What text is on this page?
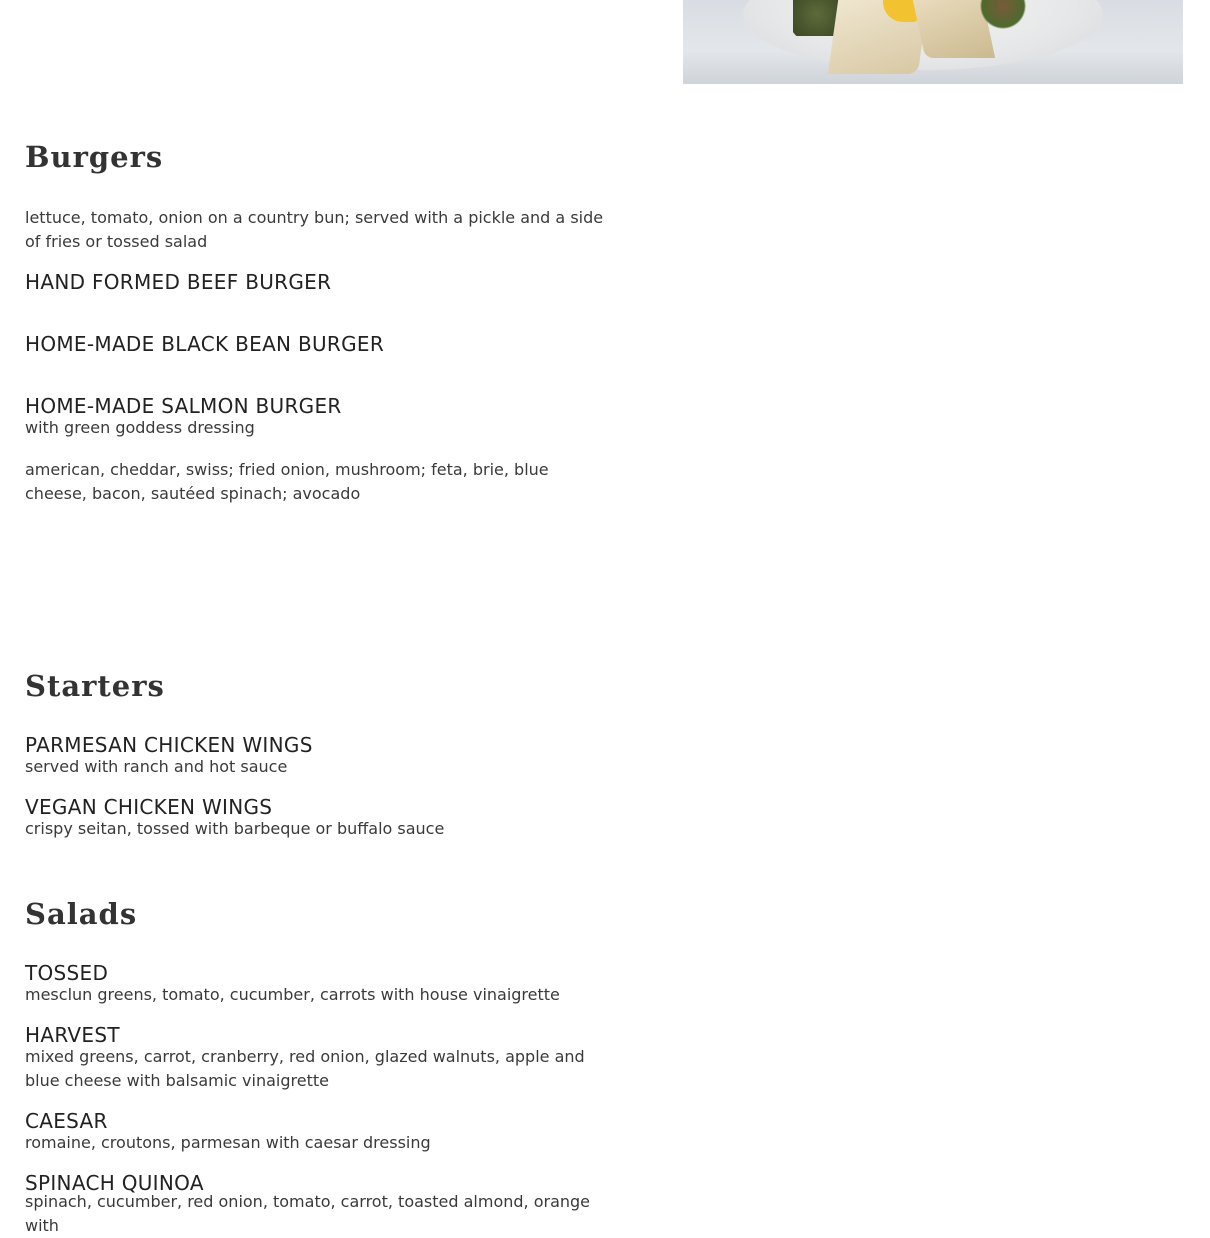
Burgers
lettuce, tomato, onion on a country bun; served with a pickle and a side of fries or tossed salad
HAND FORMED BEEF BURGER
HOME-MADE BLACK BEAN BURGER
HOME-MADE SALMON BURGER
with green goddess dressing
american, cheddar, swiss; fried onion, mushroom; feta, brie, blue cheese, bacon, sautéed spinach; avocado
Starters
PARMESAN CHICKEN WINGS
served with ranch and hot sauce
VEGAN CHICKEN WINGS
crispy seitan, tossed with barbeque or buffalo sauce
Salads
TOSSED
mesclun greens, tomato, cucumber, carrots with house vinaigrette
HARVEST
mixed greens, carrot, cranberry, red onion, glazed walnuts, apple and blue cheese with balsamic vinaigrette
CAESAR
romaine, croutons, parmesan with caesar dressing
SPINACH QUINOA
spinach, cucumber, red onion, tomato, carrot, toasted almond, orange with
